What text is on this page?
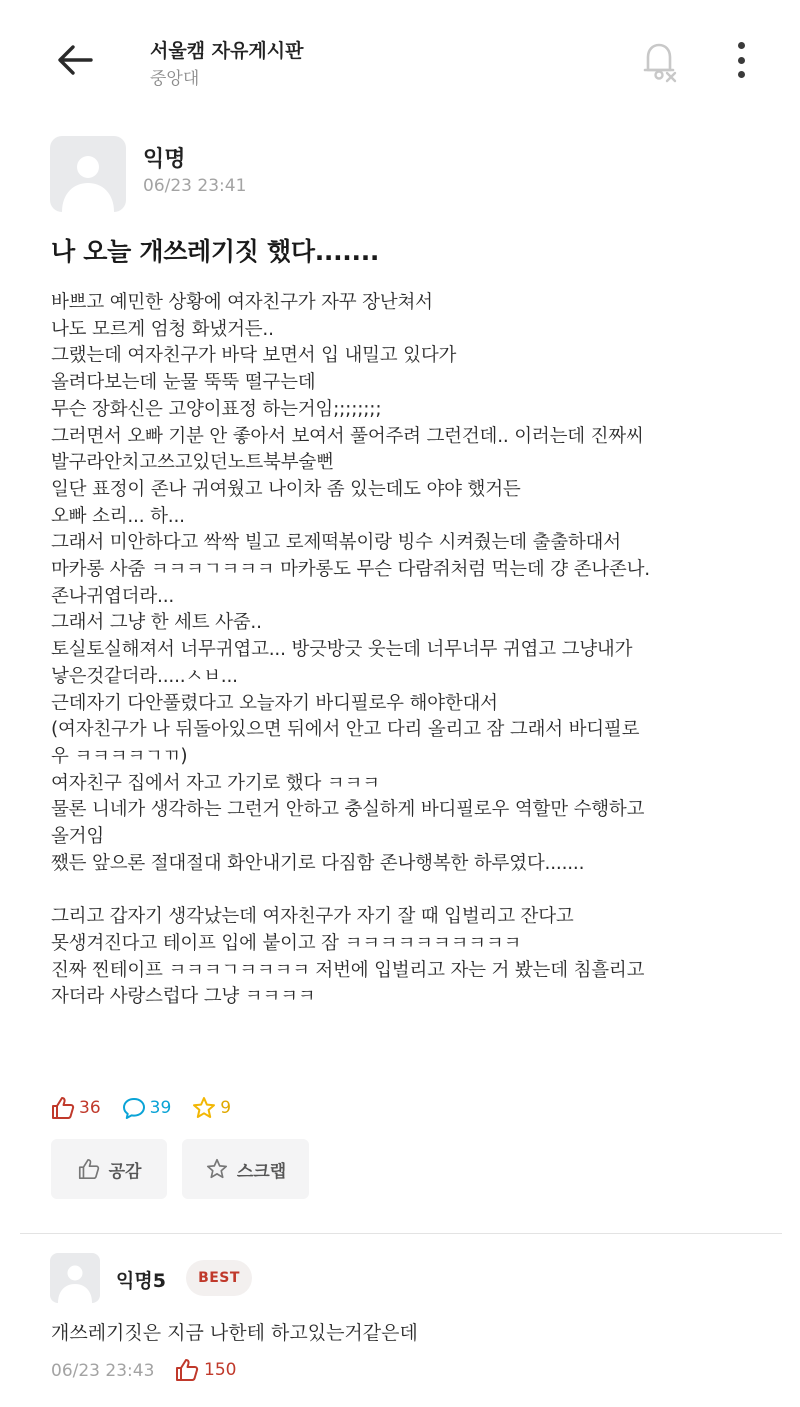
서울캠 자유게시판
중앙대
익명
06/23 23:41
나 오늘 개쓰레기짓 했다.......
바쁘고 예민한 상황에 여자친구가 자꾸 장난쳐서
나도 모르게 엄청 화냈거든..
그랬는데 여자친구가 바닥 보면서 입 내밀고 있다가
올려다보는데 눈물 뚝뚝 떨구는데
무슨 장화신은 고양이표정 하는거임;;;;;;;;
그러면서 오빠 기분 안 좋아서 보여서 풀어주려 그런건데.. 이러는데 진짜씨
발구라안치고쓰고있던노트북부술뻔
일단 표정이 존나 귀여웠고 나이차 좀 있는데도 야야 했거든
오빠 소리... 하...
그래서 미안하다고 싹싹 빌고 로제떡볶이랑 빙수 시켜줬는데 출출하대서
마카롱 사줌 ㅋㅋㅋㄱㅋㅋㅋ 마카롱도 무슨 다람쥐처럼 먹는데 걍 존나존나.
존나귀엽더라...
그래서 그냥 한 세트 사줌..
토실토실해져서 너무귀엽고... 방긋방긋 웃는데 너무너무 귀엽고 그냥내가
낳은것같더라.....ㅅㅂ...
근데자기 다안풀렸다고 오늘자기 바디필로우 해야한대서
(여자친구가 나 뒤돌아있으면 뒤에서 안고 다리 올리고 잠 그래서 바디필로
우 ㅋㅋㅋㅋㄱㄲ)
여자친구 집에서 자고 가기로 했다 ㅋㅋㅋ
물론 니네가 생각하는 그런거 안하고 충실하게 바디필로우 역할만 수행하고
올거임
쨌든 앞으론 절대절대 화안내기로 다짐함 존나행복한 하루였다.......
그리고 갑자기 생각났는데 여자친구가 자기 잘 때 입벌리고 잔다고
못생겨진다고 테이프 입에 붙이고 잠 ㅋㅋㅋㅋㅋㅋㅋㅋㅋㅋ
진짜 찐테이프 ㅋㅋㅋㄱㅋㅋㅋㅋ 저번에 입벌리고 자는 거 봤는데 침흘리고
자더라 사랑스럽다 그냥 ㅋㅋㅋㅋ
36	39	9
공감	스크랩
익명5	BEST
개쓰레기짓은 지금 나한테 하고있는거같은데
06/23 23:43	150
